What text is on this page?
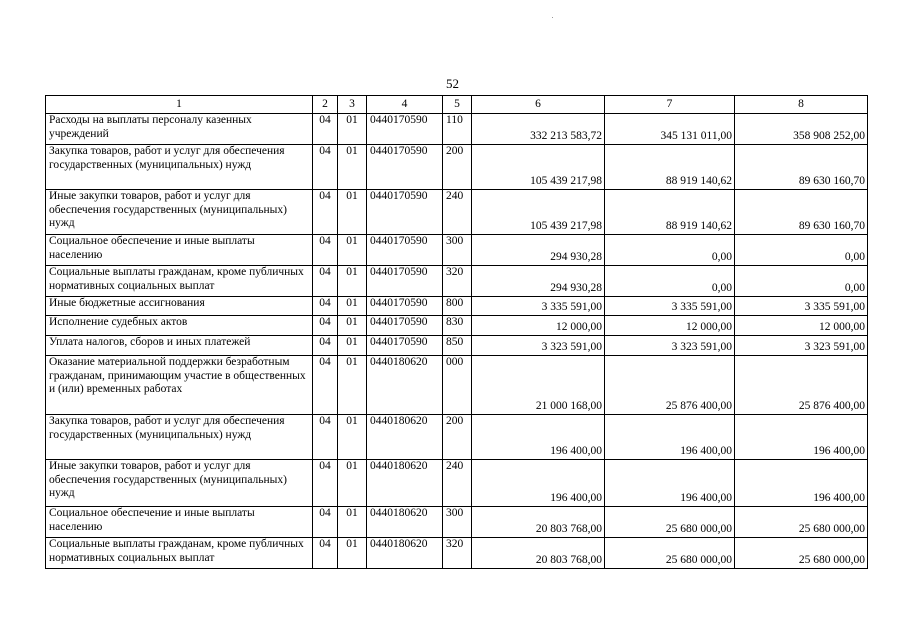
52
1	2	3	4	5	6	7	8
Расходы на выплаты персоналу казенных учреждений	04	01	0440170590	110	332 213 583,72	345 131 011,00	358 908 252,00
Закупка товаров, работ и услуг для обеспечения государственных (муниципальных) нужд	04	01	0440170590	200	105 439 217,98	88 919 140,62	89 630 160,70
Иные закупки товаров, работ и услуг для обеспечения государственных (муниципальных) нужд	04	01	0440170590	240	105 439 217,98	88 919 140,62	89 630 160,70
Социальное обеспечение и иные выплаты населению	04	01	0440170590	300	294 930,28	0,00	0,00
Социальные выплаты гражданам, кроме публичных нормативных социальных выплат	04	01	0440170590	320	294 930,28	0,00	0,00
Иные бюджетные ассигнования	04	01	0440170590	800	3 335 591,00	3 335 591,00	3 335 591,00
Исполнение судебных актов	04	01	0440170590	830	12 000,00	12 000,00	12 000,00
Уплата налогов, сборов и иных платежей	04	01	0440170590	850	3 323 591,00	3 323 591,00	3 323 591,00
Оказание материальной поддержки безработным гражданам, принимающим участие в общественных и (или) временных работах	04	01	0440180620	000	21 000 168,00	25 876 400,00	25 876 400,00
Закупка товаров, работ и услуг для обеспечения государственных (муниципальных) нужд	04	01	0440180620	200	196 400,00	196 400,00	196 400,00
Иные закупки товаров, работ и услуг для обеспечения государственных (муниципальных) нужд	04	01	0440180620	240	196 400,00	196 400,00	196 400,00
Социальное обеспечение и иные выплаты населению	04	01	0440180620	300	20 803 768,00	25 680 000,00	25 680 000,00
Социальные выплаты гражданам, кроме публичных нормативных социальных выплат	04	01	0440180620	320	20 803 768,00	25 680 000,00	25 680 000,00
